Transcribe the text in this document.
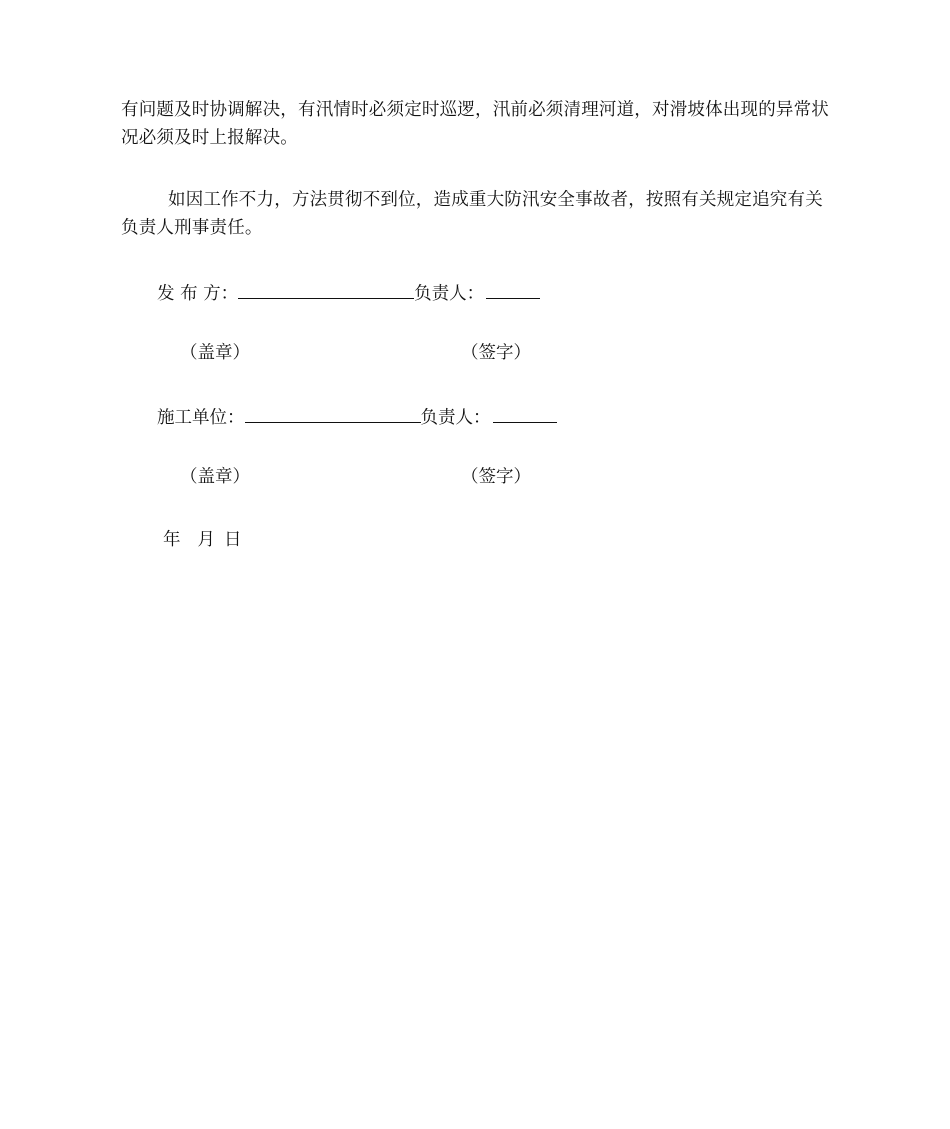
有问题及时协调解决，有汛情时必须定时巡逻，汛前必须清理河道，对滑坡体出现的异常状况必须及时上报解决。

如因工作不力，方法贯彻不到位，造成重大防汛安全事故者，按照有关规定追究有关负责人刑事责任。

发 布 方：	负责人：
（盖章）	（签字）
施工单位：	负责人：
（盖章）	（签字）
年 月 日
